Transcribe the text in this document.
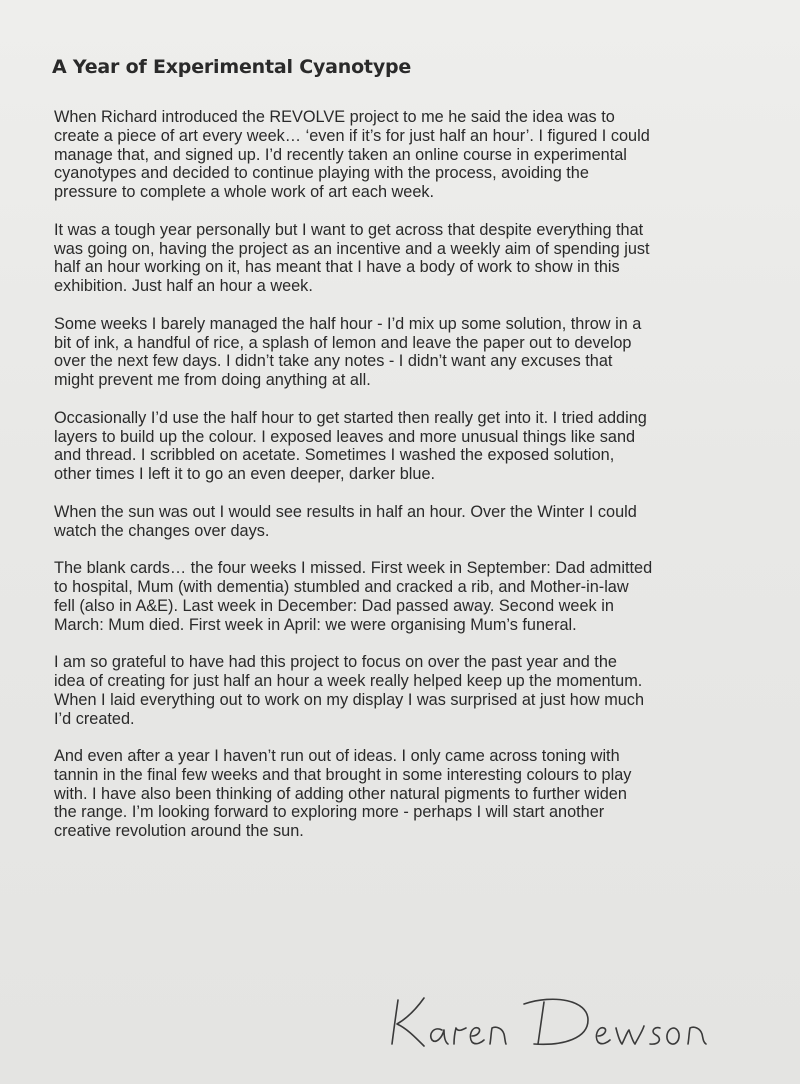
A Year of Experimental Cyanotype

When Richard introduced the REVOLVE project to me he said the idea was to
create a piece of art every week… ‘even if it’s for just half an hour’. I figured I could
manage that, and signed up. I’d recently taken an online course in experimental
cyanotypes and decided to continue playing with the process, avoiding the
pressure to complete a whole work of art each week.

It was a tough year personally but I want to get across that despite everything that
was going on, having the project as an incentive and a weekly aim of spending just
half an hour working on it, has meant that I have a body of work to show in this
exhibition. Just half an hour a week.

Some weeks I barely managed the half hour - I’d mix up some solution, throw in a
bit of ink, a handful of rice, a splash of lemon and leave the paper out to develop
over the next few days. I didn’t take any notes - I didn’t want any excuses that
might prevent me from doing anything at all.

Occasionally I’d use the half hour to get started then really get into it. I tried adding
layers to build up the colour. I exposed leaves and more unusual things like sand
and thread. I scribbled on acetate. Sometimes I washed the exposed solution,
other times I left it to go an even deeper, darker blue.

When the sun was out I would see results in half an hour. Over the Winter I could
watch the changes over days.

The blank cards… the four weeks I missed. First week in September: Dad admitted
to hospital, Mum (with dementia) stumbled and cracked a rib, and Mother-in-law
fell (also in A&E). Last week in December: Dad passed away. Second week in
March: Mum died. First week in April: we were organising Mum’s funeral.

I am so grateful to have had this project to focus on over the past year and the
idea of creating for just half an hour a week really helped keep up the momentum.
When I laid everything out to work on my display I was surprised at just how much
I’d created.

And even after a year I haven’t run out of ideas. I only came across toning with
tannin in the final few weeks and that brought in some interesting colours to play
with. I have also been thinking of adding other natural pigments to further widen
the range. I’m looking forward to exploring more - perhaps I will start another
creative revolution around the sun.
